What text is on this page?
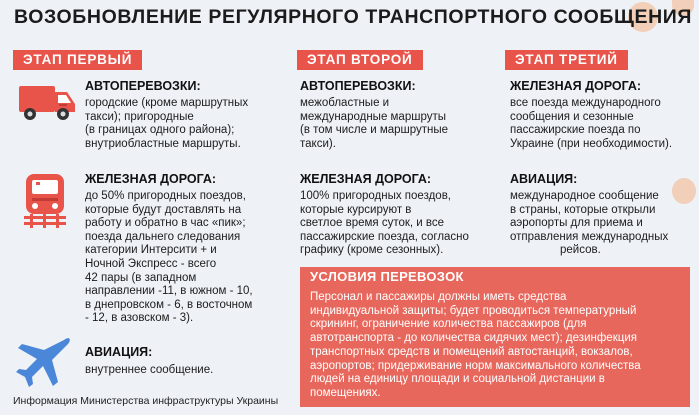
ВОЗОБНОВЛЕНИЕ РЕГУЛЯРНОГО ТРАНСПОРТНОГО СООБЩЕНИЯ
ЭТАП ПЕРВЫЙ	ЭТАП ВТОРОЙ	ЭТАП ТРЕТИЙ
АВТОПЕРЕВОЗКИ:
городские (кроме маршрутных
такси); пригородные
(в границах одного района);
внутриобластные маршруты.
ЖЕЛЕЗНАЯ ДОРОГА:
до 50% пригородных поездов,
которые будут доставлять на
работу и обратно в час «пик»;
поезда дальнего следования
категории Интерсити + и
Ночной Экспресс - всего
42 пары (в западном
направлении -11, в южном - 10,
в днепровском - 6, в восточном
- 12, в азовском - 3).
АВИАЦИЯ:
внутреннее сообщение.
АВТОПЕРЕВОЗКИ:
межобластные и
международные маршруты
(в том числе и маршрутные
такси).
ЖЕЛЕЗНАЯ ДОРОГА:
100% пригородных поездов,
которые курсируют в
светлое время суток, и все
пассажирские поезда, согласно
графику (кроме сезонных).
ЖЕЛЕЗНАЯ ДОРОГА:
все поезда международного
сообщения и сезонные
пассажирские поезда по
Украине (при необходимости).
АВИАЦИЯ:
международное сообщение
в страны, которые открыли
аэропорты для приема и
отправления международных
рейсов.
УСЛОВИЯ ПЕРЕВОЗОК
Персонал и пассажиры должны иметь средства
индивидуальной защиты; будет проводиться температурный
скрининг, ограничение количества пассажиров (для
автотранспорта - до количества сидячих мест); дезинфекция
транспортных средств и помещений автостанций, вокзалов,
аэропортов; придерживание норм максимального количества
людей на единицу площади и социальной дистанции в
помещениях.
Информация Министерства инфраструктуры Украины
